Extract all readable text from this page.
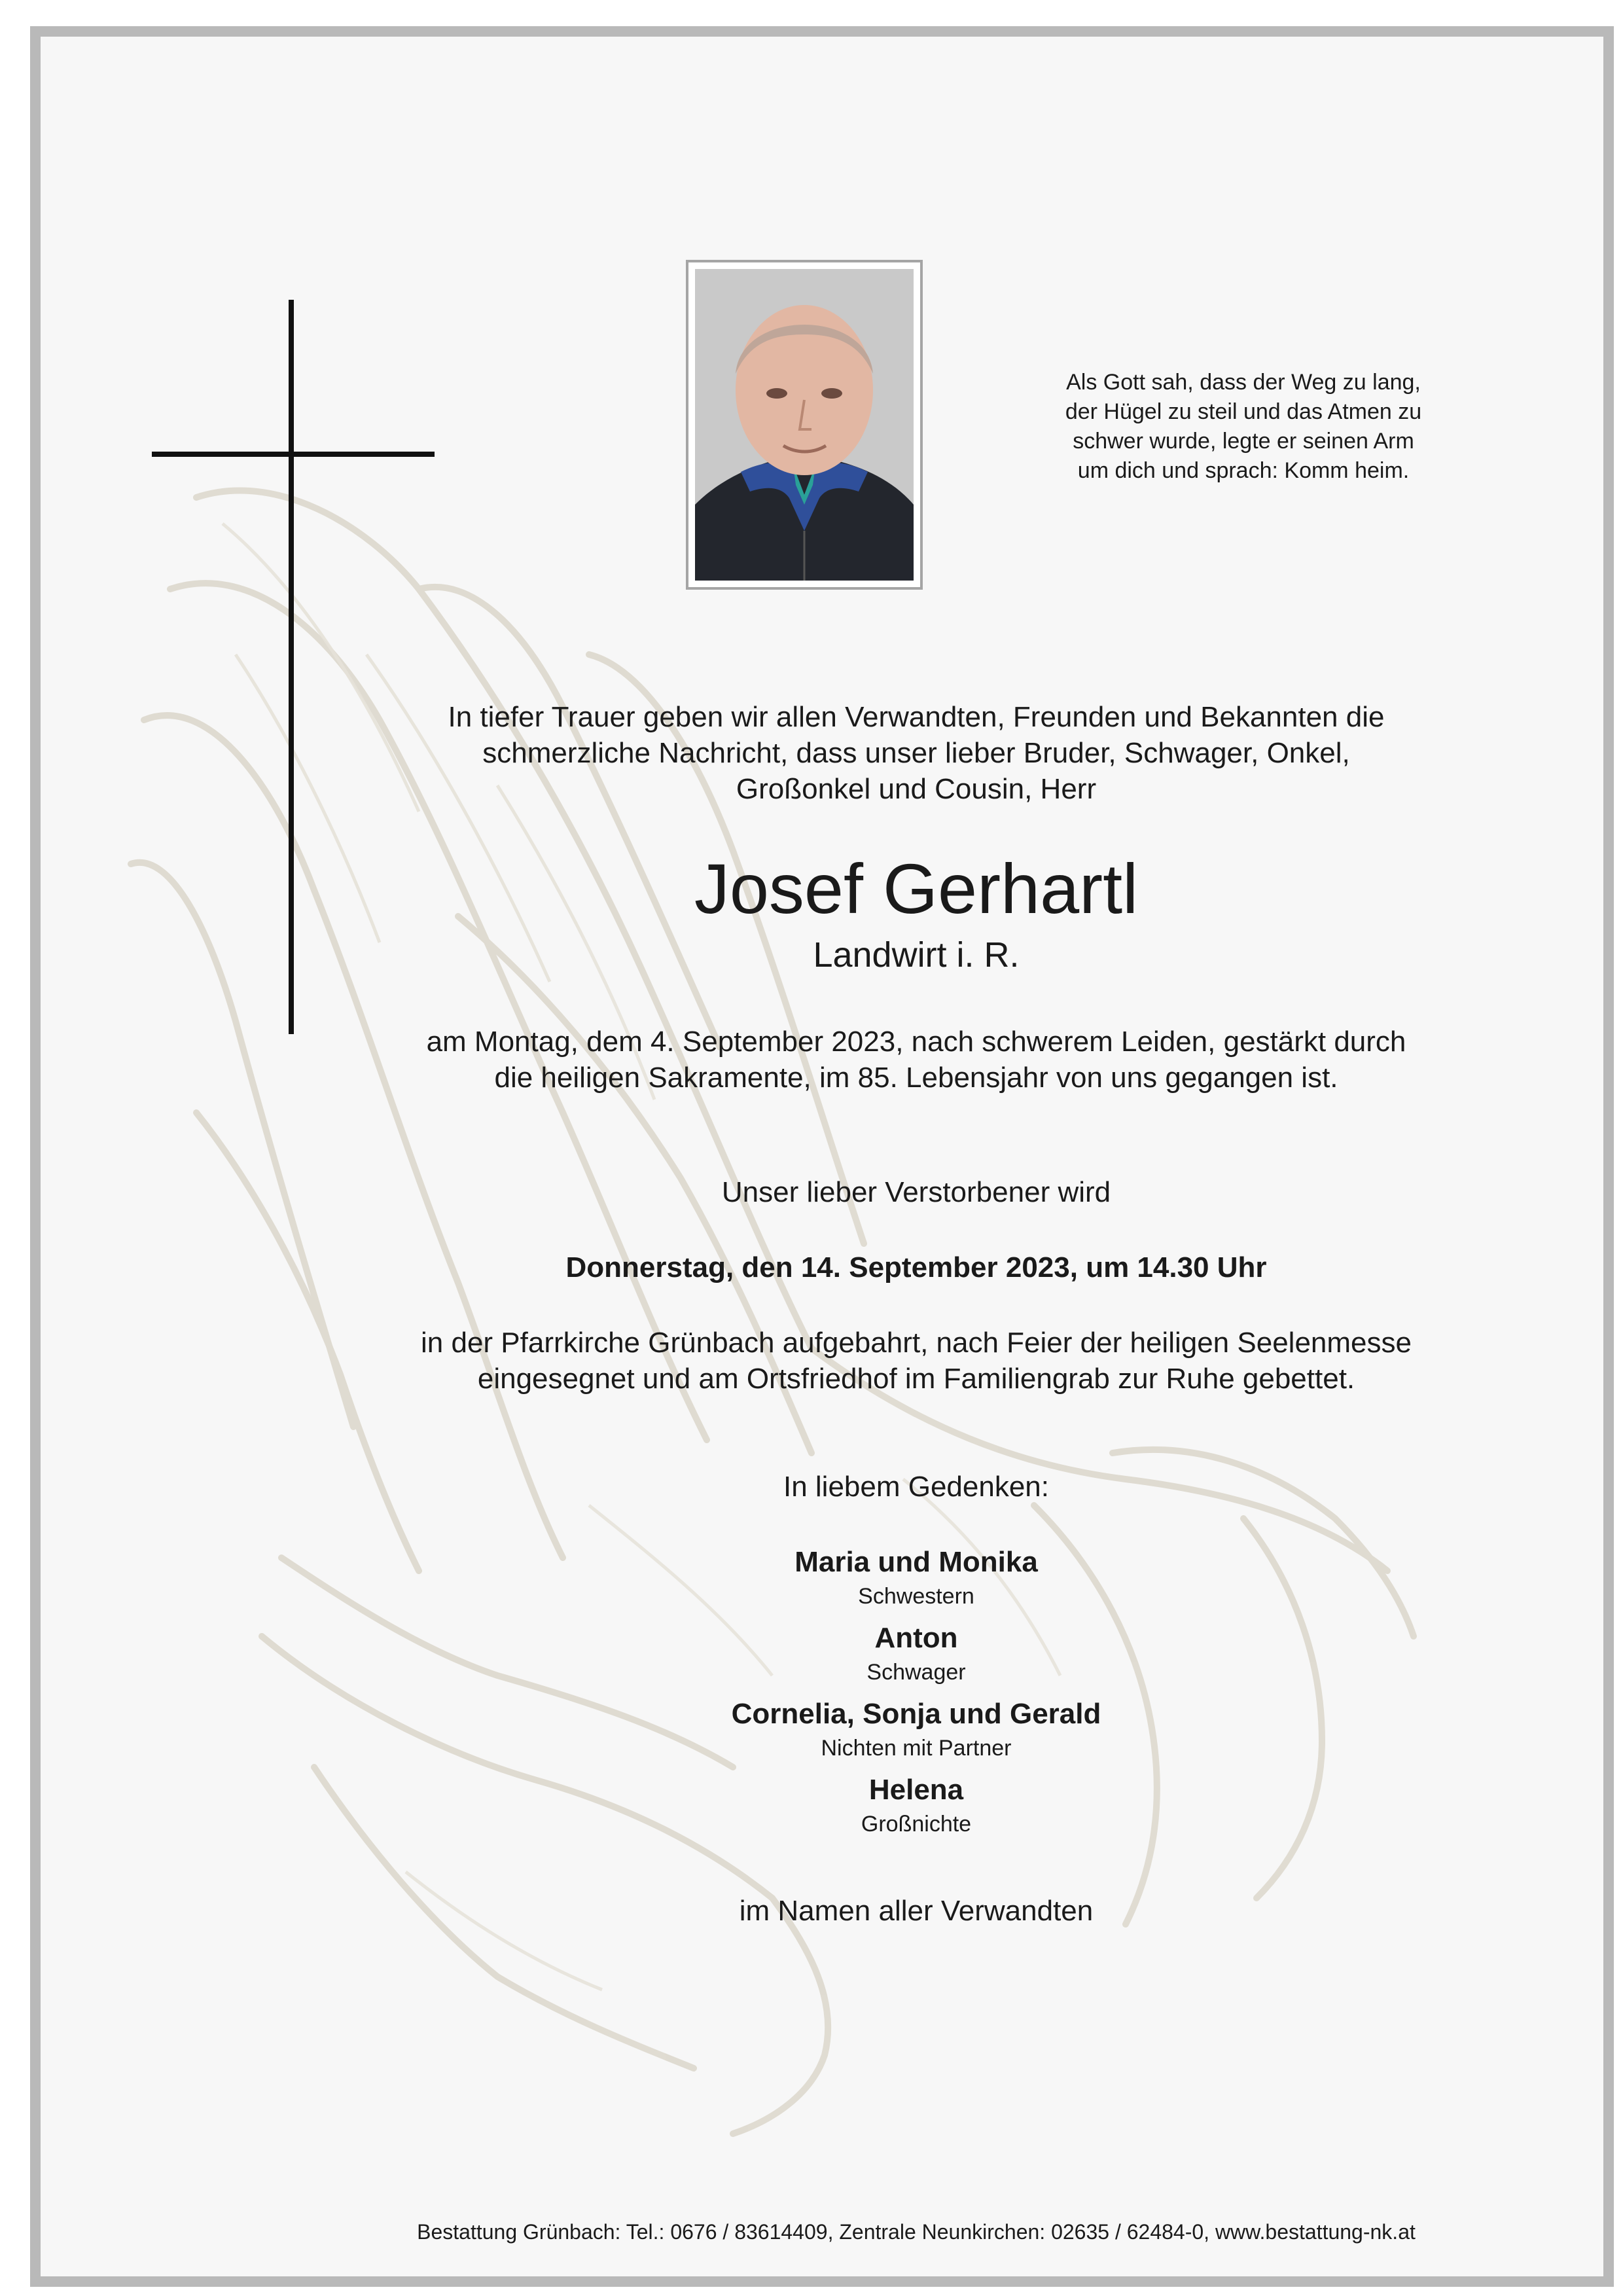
Als Gott sah, dass der Weg zu lang,
der Hügel zu steil und das Atmen zu
schwer wurde, legte er seinen Arm
um dich und sprach: Komm heim.
In tiefer Trauer geben wir allen Verwandten, Freunden und Bekannten die
schmerzliche Nachricht, dass unser lieber Bruder, Schwager, Onkel,
Großonkel und Cousin, Herr
Josef Gerhartl
Landwirt i. R.
am Montag, dem 4. September 2023, nach schwerem Leiden, gestärkt durch
die heiligen Sakramente, im 85. Lebensjahr von uns gegangen ist.
Unser lieber Verstorbener wird
Donnerstag, den 14. September 2023, um 14.30 Uhr
in der Pfarrkirche Grünbach aufgebahrt, nach Feier der heiligen Seelenmesse
eingesegnet und am Ortsfriedhof im Familiengrab zur Ruhe gebettet.
In liebem Gedenken:
Maria und Monika
Schwestern
Anton
Schwager
Cornelia, Sonja und Gerald
Nichten mit Partner
Helena
Großnichte
im Namen aller Verwandten
Bestattung Grünbach: Tel.: 0676 / 83614409, Zentrale Neunkirchen: 02635 / 62484-0, www.bestattung-nk.at
